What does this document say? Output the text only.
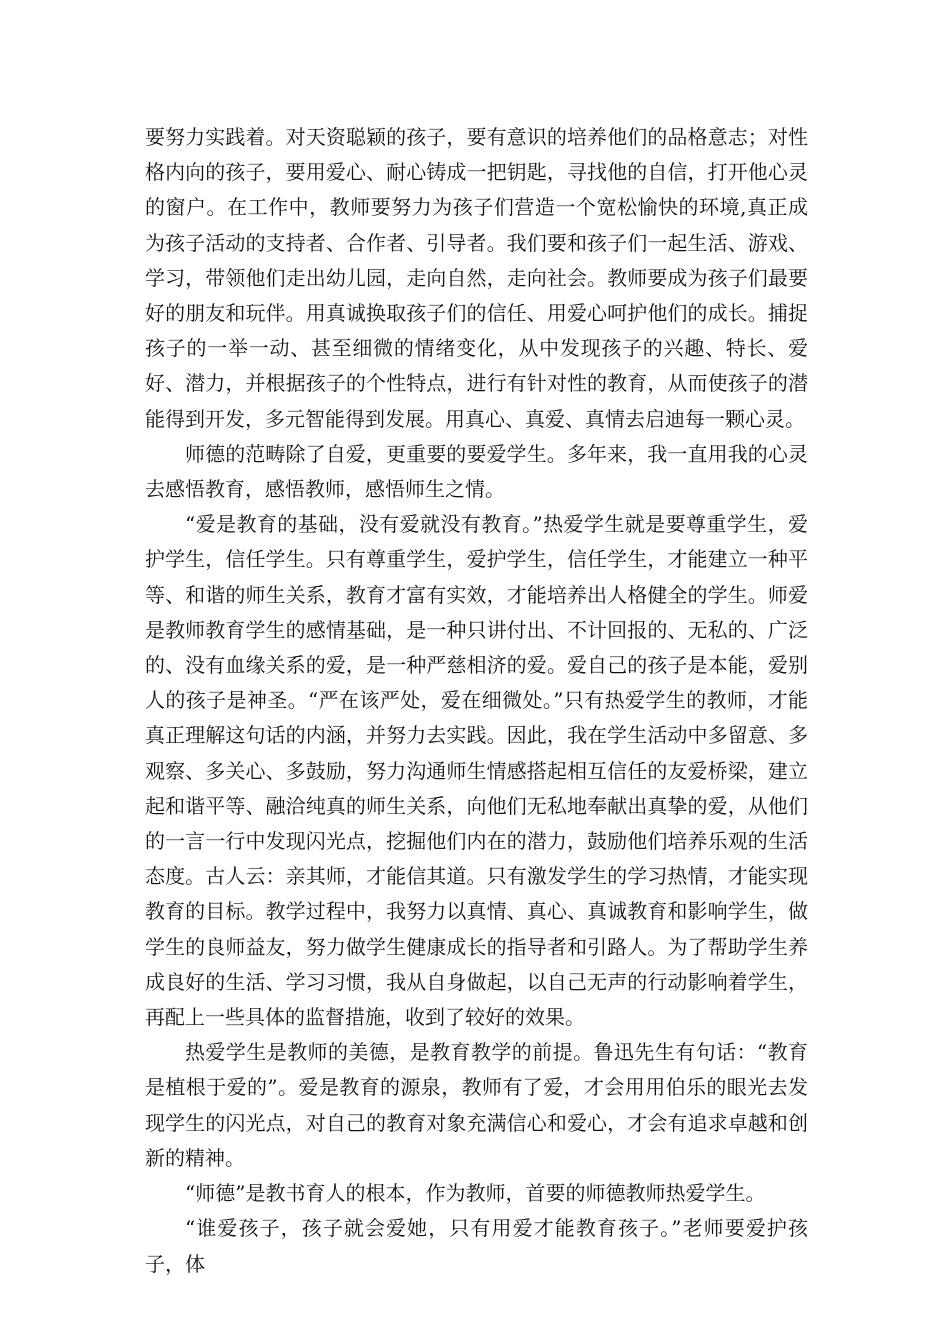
要努力实践着。对天资聪颖的孩子，要有意识的培养他们的品格意志；对性格内向的孩子，要用爱心、耐心铸成一把钥匙，寻找他的自信，打开他心灵的窗户。在工作中，教师要努力为孩子们营造一个宽松愉快的环境,真正成为孩子活动的支持者、合作者、引导者。我们要和孩子们一起生活、游戏、学习，带领他们走出幼儿园，走向自然，走向社会。教师要成为孩子们最要好的朋友和玩伴。用真诚换取孩子们的信任、用爱心呵护他们的成长。捕捉孩子的一举一动、甚至细微的情绪变化，从中发现孩子的兴趣、特长、爱好、潜力，并根据孩子的个性特点，进行有针对性的教育，从而使孩子的潜能得到开发，多元智能得到发展。用真心、真爱、真情去启迪每一颗心灵。

师德的范畴除了自爱，更重要的要爱学生。多年来，我一直用我的心灵去感悟教育，感悟教师，感悟师生之情。

“爱是教育的基础，没有爱就没有教育。”热爱学生就是要尊重学生，爱护学生，信任学生。只有尊重学生，爱护学生，信任学生，才能建立一种平等、和谐的师生关系，教育才富有实效，才能培养出人格健全的学生。师爱是教师教育学生的感情基础，是一种只讲付出、不计回报的、无私的、广泛的、没有血缘关系的爱，是一种严慈相济的爱。爱自己的孩子是本能，爱别人的孩子是神圣。“严在该严处，爱在细微处。”只有热爱学生的教师，才能真正理解这句话的内涵，并努力去实践。因此，我在学生活动中多留意、多观察、多关心、多鼓励，努力沟通师生情感搭起相互信任的友爱桥梁，建立起和谐平等、融洽纯真的师生关系，向他们无私地奉献出真挚的爱，从他们的一言一行中发现闪光点，挖掘他们内在的潜力，鼓励他们培养乐观的生活态度。古人云：亲其师，才能信其道。只有激发学生的学习热情，才能实现教育的目标。教学过程中，我努力以真情、真心、真诚教育和影响学生，做学生的良师益友，努力做学生健康成长的指导者和引路人。为了帮助学生养成良好的生活、学习习惯，我从自身做起，以自己无声的行动影响着学生，再配上一些具体的监督措施，收到了较好的效果。

热爱学生是教师的美德，是教育教学的前提。鲁迅先生有句话：“教育是植根于爱的”。爱是教育的源泉，教师有了爱，才会用用伯乐的眼光去发现学生的闪光点，对自己的教育对象充满信心和爱心，才会有追求卓越和创新的精神。

“师德”是教书育人的根本，作为教师，首要的师德教师热爱学生。

“谁爱孩子，孩子就会爱她，只有用爱才能教育孩子。”老师要爱护孩子，体
